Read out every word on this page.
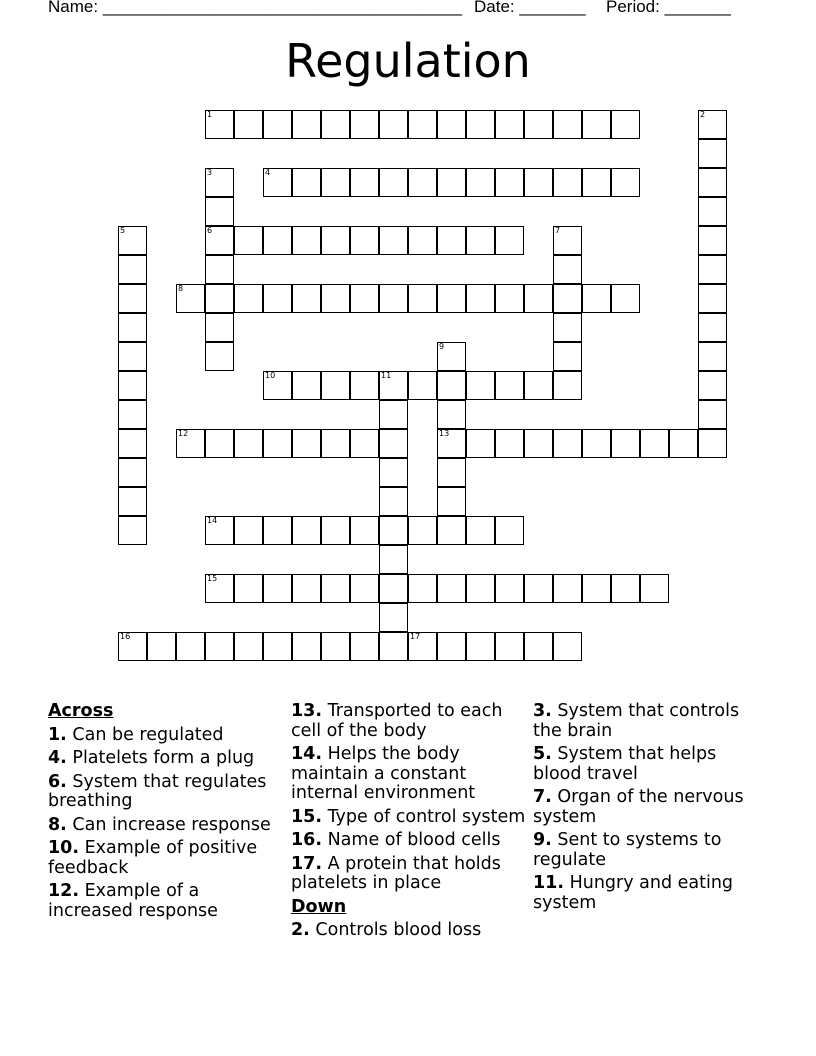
Name: ______________________________________ Date: _______ Period: _______
Regulation
1	2
3
6
4
5	7
8
9
13
10	11
12
14
15
16	17
Across
1. Can be regulated
4. Platelets form a plug
6. System that regulates breathing
8. Can increase response
10. Example of positive feedback
12. Example of a increased response
13. Transported to each cell of the body
14. Helps the body maintain a constant internal environment
15. Type of control system
16. Name of blood cells
17. A protein that holds platelets in place
Down
2. Controls blood loss
3. System that controls the brain
5. System that helps blood travel
7. Organ of the nervous system
9. Sent to systems to regulate
11. Hungry and eating system
